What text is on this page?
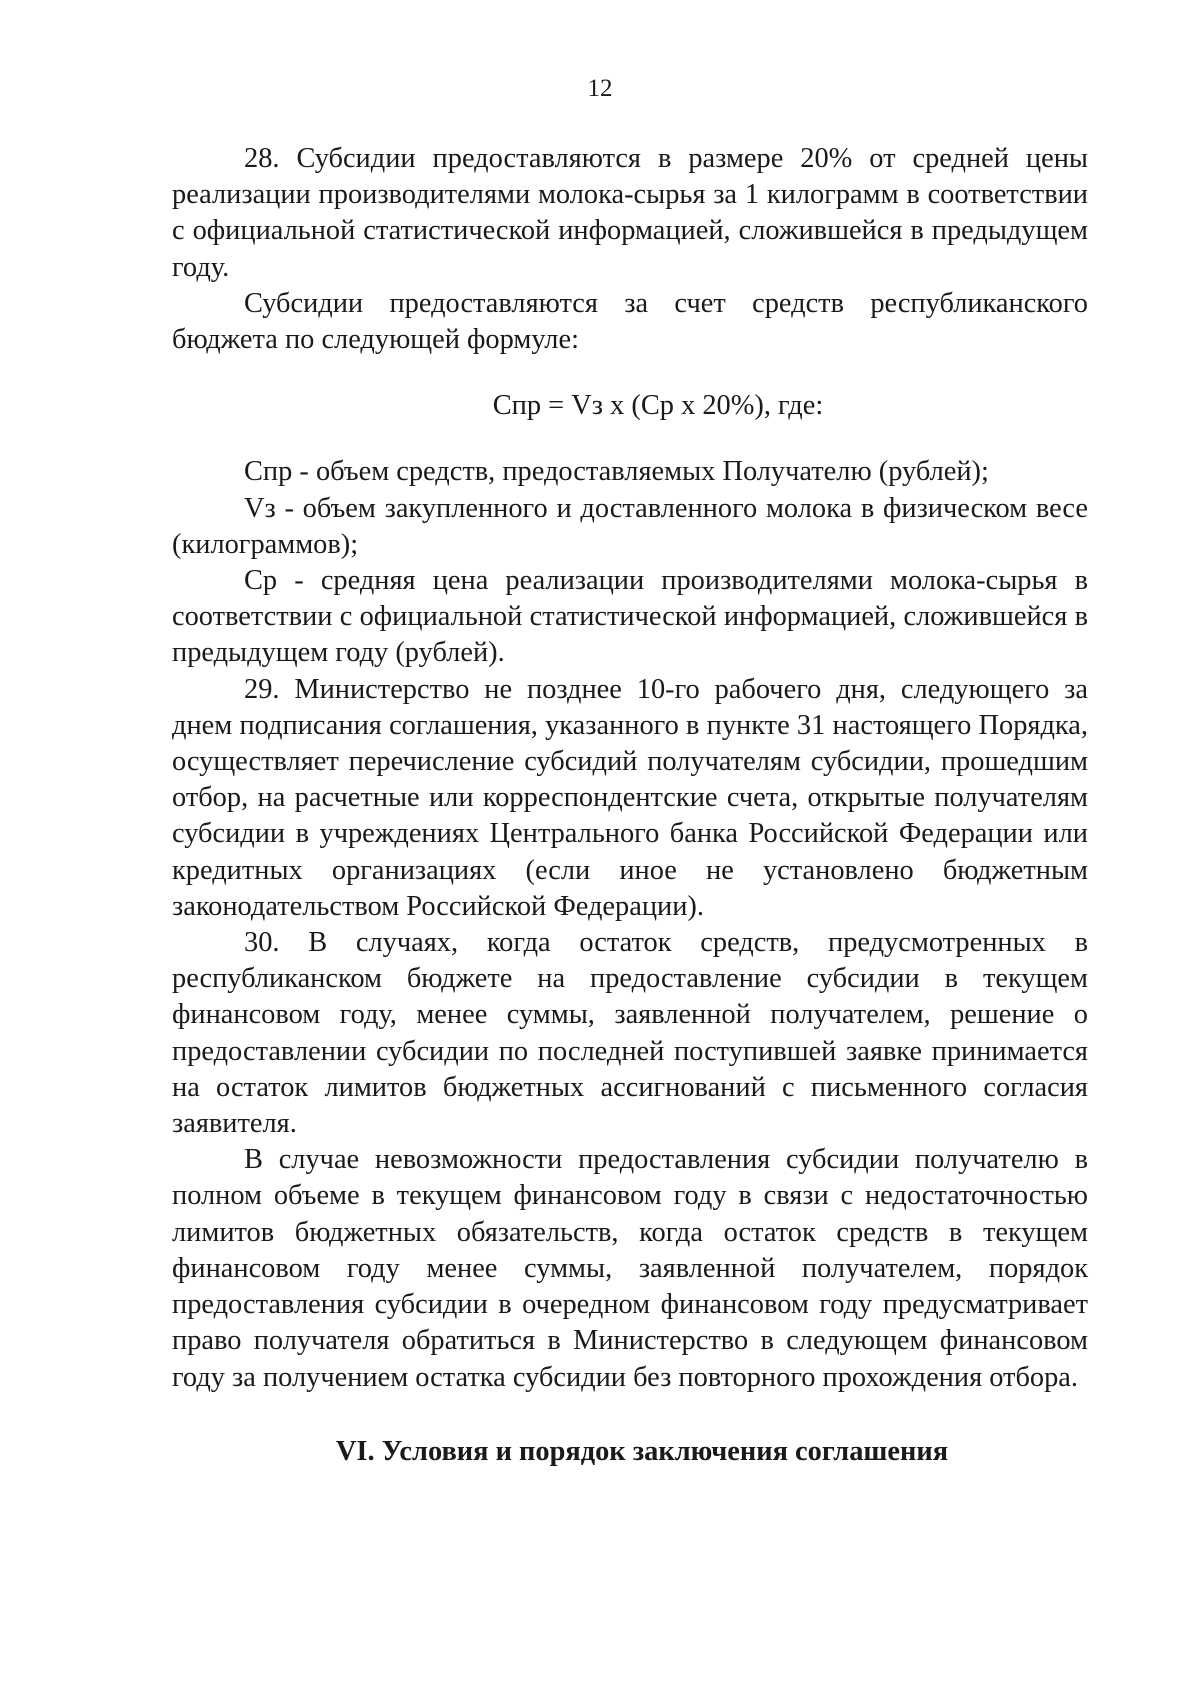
12

28. Субсидии предоставляются в размере 20% от средней цены реализации производителями молока-сырья за 1 килограмм в соответствии с официальной статистической информацией, сложившейся в предыдущем году.

Субсидии предоставляются за счет средств республиканского бюджета по следующей формуле:

Спр = Vз х (Ср х 20%), где:

Спр - объем средств, предоставляемых Получателю (рублей);

Vз - объем закупленного и доставленного молока в физическом весе (килограммов);

Ср - средняя цена реализации производителями молока-сырья в соответствии с официальной статистической информацией, сложившейся в предыдущем году (рублей).

29. Министерство не позднее 10-го рабочего дня, следующего за днем подписания соглашения, указанного в пункте 31 настоящего Порядка, осуществляет перечисление субсидий получателям субсидии, прошедшим отбор, на расчетные или корреспондентские счета, открытые получателям субсидии в учреждениях Центрального банка Российской Федерации или кредитных организациях (если иное не установлено бюджетным законодательством Российской Федерации).

30. В случаях, когда остаток средств, предусмотренных в республиканском бюджете на предоставление субсидии в текущем финансовом году, менее суммы, заявленной получателем, решение о предоставлении субсидии по последней поступившей заявке принимается на остаток лимитов бюджетных ассигнований с письменного согласия заявителя.

В случае невозможности предоставления субсидии получателю в полном объеме в текущем финансовом году в связи с недостаточностью лимитов бюджетных обязательств, когда остаток средств в текущем финансовом году менее суммы, заявленной получателем, порядок предоставления субсидии в очередном финансовом году предусматривает право получателя обратиться в Министерство в следующем финансовом году за получением остатка субсидии без повторного прохождения отбора.

VI. Условия и порядок заключения соглашения
